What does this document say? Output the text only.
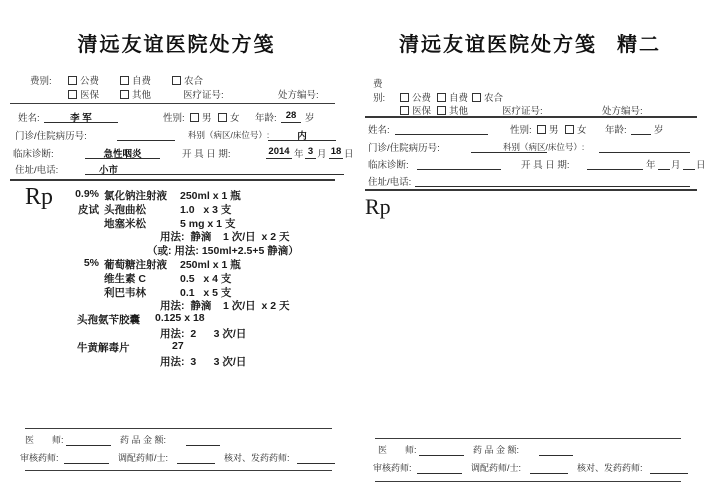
清远友谊医院处方笺
费别:	公费	自费	农合
医保	其他	医疗证号:	处方编号:
姓名:	李 军	性别:	男	女 年龄: 28 岁
门诊/住院病历号:	科别（病区/床位号）:	内
临床诊断:	急性咽炎	开 具 日 期:	2014 年 3 月 18 日
住址/电话:	小市
Rp	0.9% 氯化钠注射液 250ml x 1 瓶
皮试 头孢曲松	1.0   x 3 支
地塞米松	5 mg x 1 支
用法:  静滴    1 次/日  x 2 天
（或: 用法: 150ml+2.5+5 静滴）
5% 葡萄糖注射液 250ml x 1 瓶
维生素 C	0.5   x 4 支
利巴韦林	0.1   x 5 支
用法:  静滴    1 次/日  x 2 天
头孢氨苄胶囊 0.125 x 18
用法:  2      3 次/日
牛黄解毒片	27
用法:  3      3 次/日
医　　师:	药 品 金 额:
审核药师:	调配药师/士:	核对、发药药师:
清远友谊医院处方笺 精二
费
别:	公费	自费	农合
医保	其他	医疗证号:	处方编号:
姓名:	性别:	男	女 年龄:	岁
门诊/住院病历号:	科别（病区/床位号）:
临床诊断:	开 具 日 期:	年 月 日
住址/电话:
Rp
医　　师:	药 品 金 额:
审核药师:	调配药师/士:	核对、发药药师:
